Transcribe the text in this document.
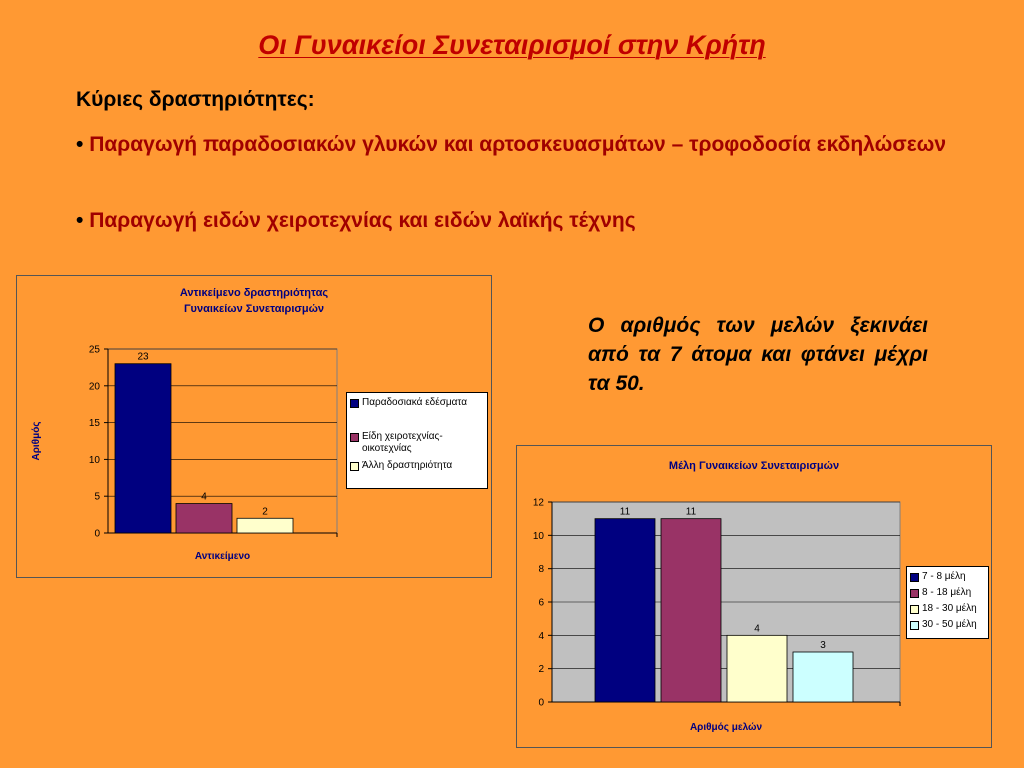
Οι Γυναικείοι Συνεταιρισμοί στην Κρήτη
Κύριες δραστηριότητες:
• Παραγωγή παραδοσιακών γλυκών και αρτοσκευασμάτων – τροφοδοσία εκδηλώσεων
• Παραγωγή ειδών χειροτεχνίας και ειδών λαϊκής τέχνης
Ο αριθμός των μελών ξεκινάει από τα 7 άτομα και φτάνει μέχρι τα 50.
Αντικείμενο δραστηριότητας
Γυναικείων Συνεταιρισμών
0
5
10
15
20
25
23
4
2
Αντικείμενο
Αριθμός
Παραδοσιακά εδέσματα
Είδη χειροτεχνίας-
οικοτεχνίας
Άλλη δραστηριότητα	Μέλη Γυναικείων Συνεταιρισμών
0
2
4
6
8
10
12
11	11
4
3
Αριθμός μελών
7 - 8 μέλη
8 - 18 μέλη
18 - 30 μέλη
30 - 50 μέλη
